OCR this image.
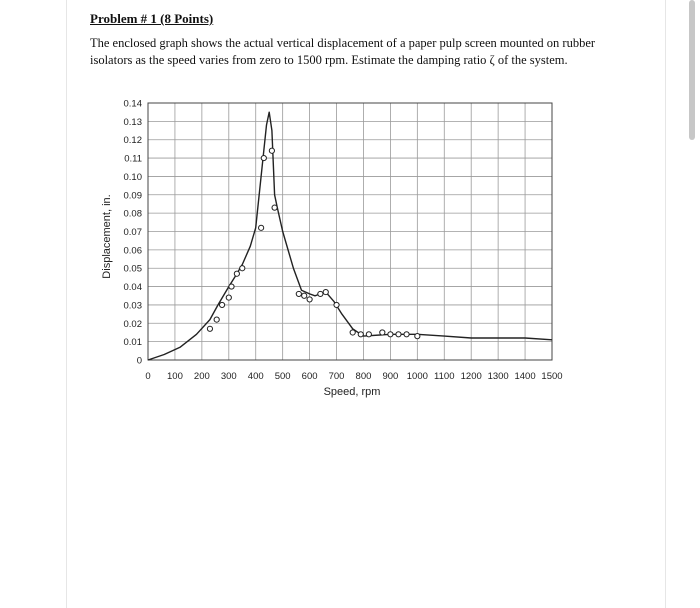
Problem # 1 (8 Points)
The enclosed graph shows the actual vertical displacement of a paper pulp screen mounted on rubber isolators as the speed varies from zero to 1500 rpm. Estimate the damping ratio ζ of the system.
0
0.01
0.02
0.03
0.04
0.05
0.06
0.07
0.08
0.09
0.10
0.11
0.12
0.13
0.14
0 100 200 300 400 500 600 700 800 900 1000 1100 1200 1300 1400 1500
Speed, rpm
Displacement, in.
